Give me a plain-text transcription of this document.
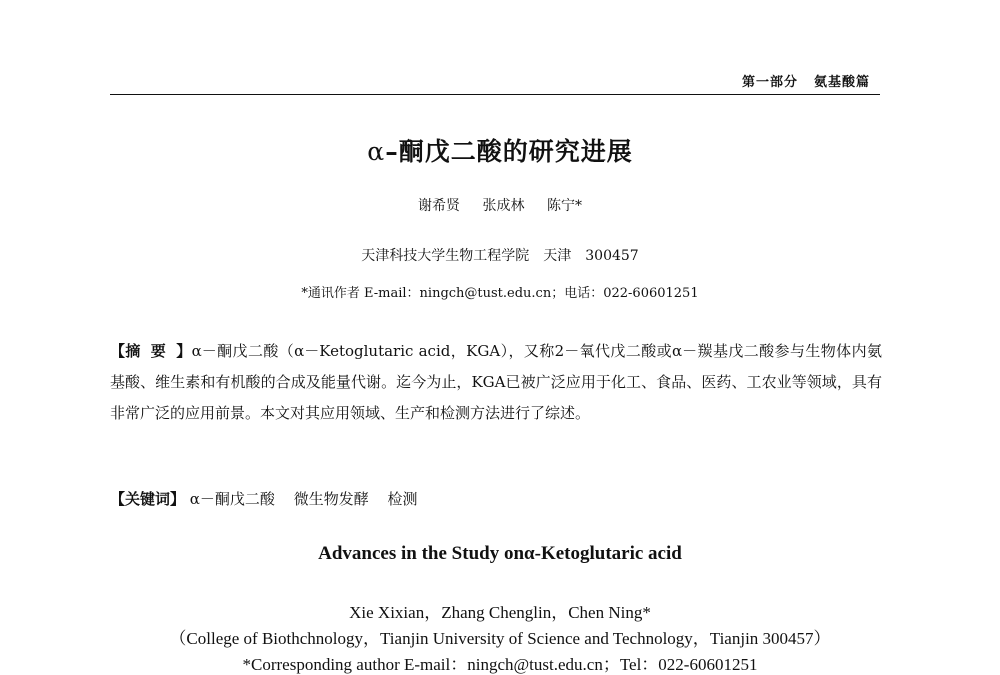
第一部分 氨基酸篇
α–酮戊二酸的研究进展
谢希贤 张成林 陈宁*
天津科技大学生物工程学院 天津 300457
*通讯作者 E-mail：ningch@tust.edu.cn；电话：022-60601251
【摘要】α－酮戊二酸（α－Ketoglutaric acid，KGA），又称2－氧代戊二酸或α－羰基戊二酸参与生物体内氨基酸、维生素和有机酸的合成及能量代谢。迄今为止，KGA已被广泛应用于化工、食品、医药、工农业等领域，具有非常广泛的应用前景。本文对其应用领域、生产和检测方法进行了综述。
【关键词】 α－酮戊二酸 微生物发酵 检测
Advances in the Study onα-Ketoglutaric acid
Xie Xixian，Zhang Chenglin，Chen Ning*
（College of Biothchnology，Tianjin University of Science and Technology，Tianjin 300457）
*Corresponding author E-mail：ningch@tust.edu.cn；Tel：022-60601251
